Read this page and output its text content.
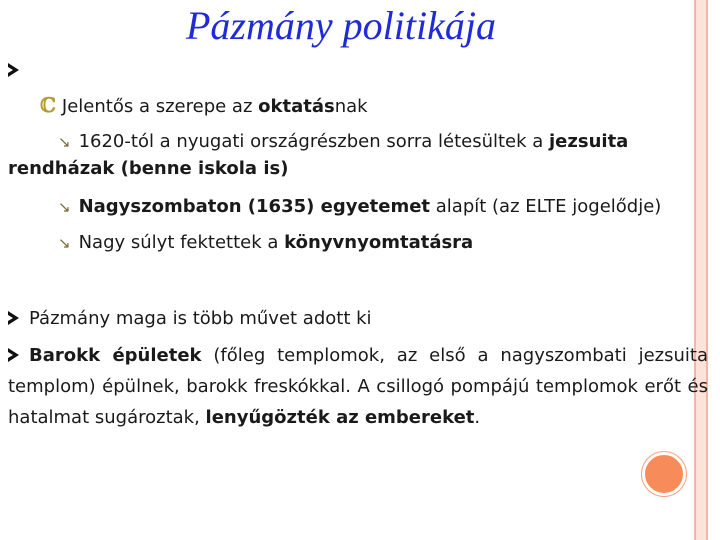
Pázmány politikája
ℂ Jelentős a szerepe az oktatásnak
↘ 1620-tól a nyugati országrészben sorra létesültek a jezsuita
rendházak (benne iskola is)
↘ Nagyszombaton (1635) egyetemet alapít (az ELTE jogelődje)
↘ Nagy súlyt fektettek a könyvnyomtatásra
Pázmány maga is több művet adott ki
Barokk épületek (főleg templomok, az első a nagyszombati jezsuita templom) épülnek, barokk freskókkal. A csillogó pompájú templomok erőt és hatalmat sugároztak, lenyűgözték az embereket.
